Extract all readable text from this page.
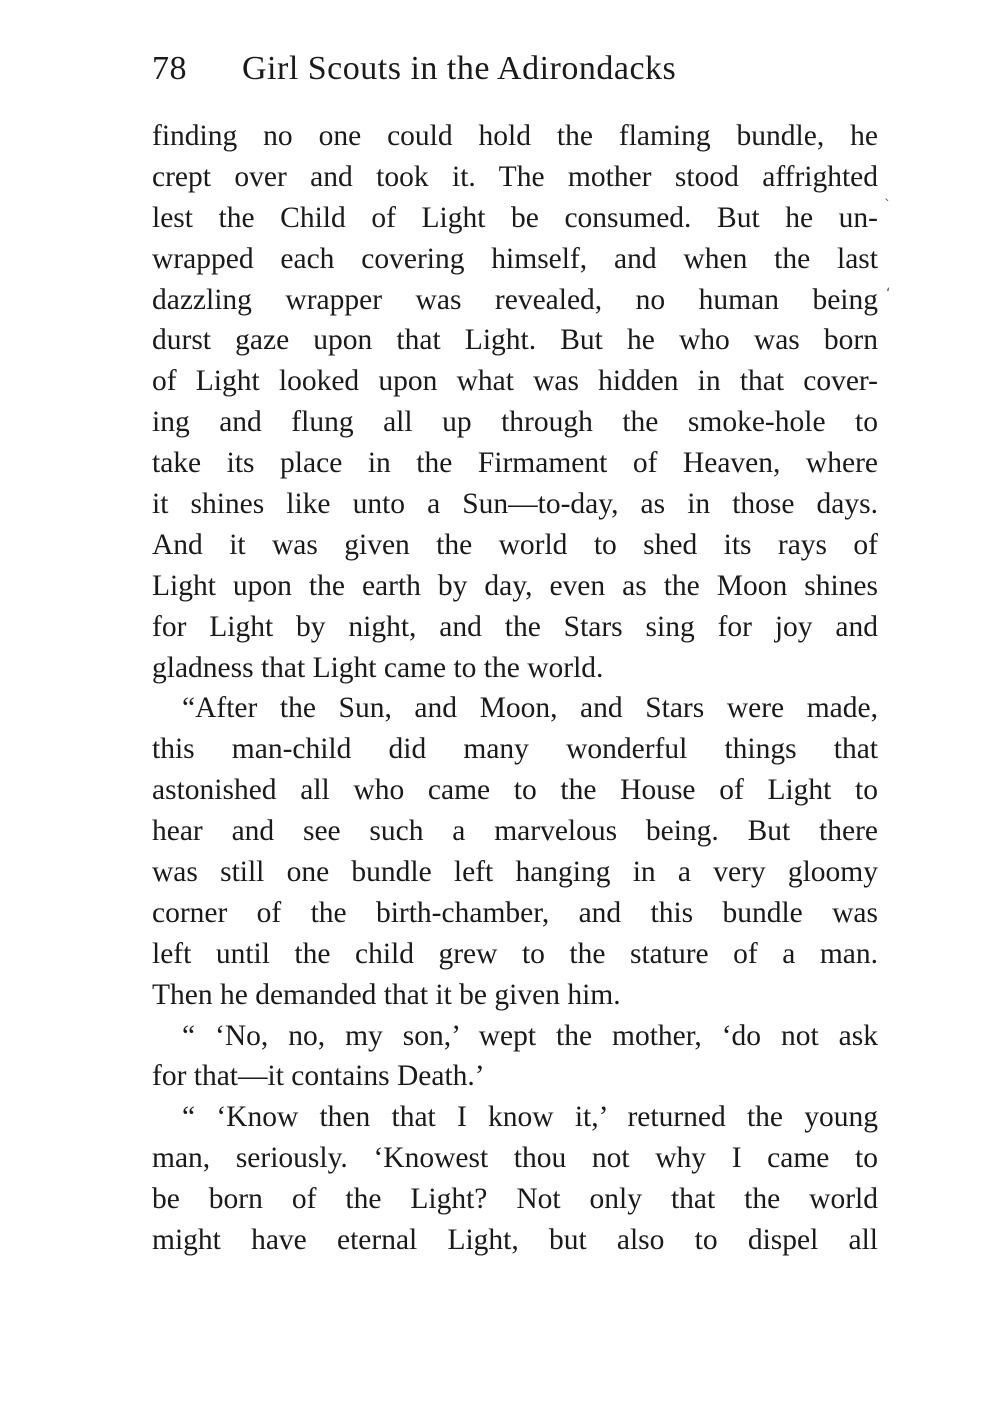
78 Girl Scouts in the Adirondacks
finding no one could hold the flaming bundle, he
crept over and took it. The mother stood affrighted
lest the Child of Light be consumed. But he un-
wrapped each covering himself, and when the last
dazzling wrapper was revealed, no human being
durst gaze upon that Light. But he who was born
of Light looked upon what was hidden in that cover-
ing and flung all up through the smoke-hole to
take its place in the Firmament of Heaven, where
it shines like unto a Sun—to-day, as in those days.
And it was given the world to shed its rays of
Light upon the earth by day, even as the Moon shines
for Light by night, and the Stars sing for joy and
gladness that Light came to the world.
“After the Sun, and Moon, and Stars were made,
this man-child did many wonderful things that
astonished all who came to the House of Light to
hear and see such a marvelous being. But there
was still one bundle left hanging in a very gloomy
corner of the birth-chamber, and this bundle was
left until the child grew to the stature of a man.
Then he demanded that it be given him.
“ ‘No, no, my son,’ wept the mother, ‘do not ask
for that—it contains Death.’
“ ‘Know then that I know it,’ returned the young
man, seriously. ‘Knowest thou not why I came to
be born of the Light? Not only that the world
might have eternal Light, but also to dispel all
`
ʻ
